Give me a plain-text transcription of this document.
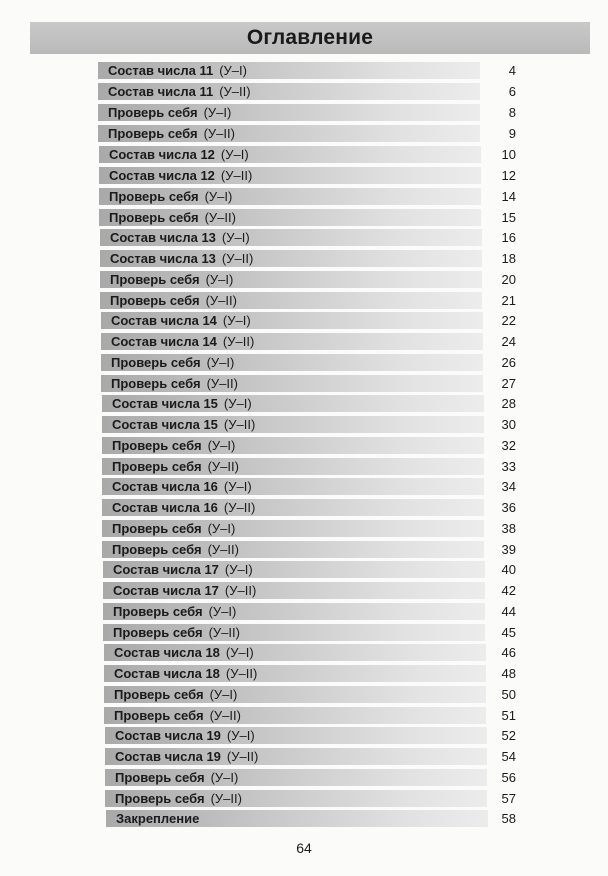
Оглавление
Состав числа 11 (У–I)	4
Состав числа 11 (У–II)	6
Проверь себя (У–I)	8
Проверь себя (У–II)	9
Состав числа 12 (У–I)	10
Состав числа 12 (У–II)	12
Проверь себя (У–I)	14
Проверь себя (У–II)	15
Состав числа 13 (У–I)	16
Состав числа 13 (У–II)	18
Проверь себя (У–I)	20
Проверь себя (У–II)	21
Состав числа 14 (У–I)	22
Состав числа 14 (У–II)	24
Проверь себя (У–I)	26
Проверь себя (У–II)	27
Состав числа 15 (У–I)	28
Состав числа 15 (У–II)	30
Проверь себя (У–I)	32
Проверь себя (У–II)	33
Состав числа 16 (У–I)	34
Состав числа 16 (У–II)	36
Проверь себя (У–I)	38
Проверь себя (У–II)	39
Состав числа 17 (У–I)	40
Состав числа 17 (У–II)	42
Проверь себя (У–I)	44
Проверь себя (У–II)	45
Состав числа 18 (У–I)	46
Состав числа 18 (У–II)	48
Проверь себя (У–I)	50
Проверь себя (У–II)	51
Состав числа 19 (У–I)	52
Состав числа 19 (У–II)	54
Проверь себя (У–I)	56
Проверь себя (У–II)	57
Закрепление	58
64
